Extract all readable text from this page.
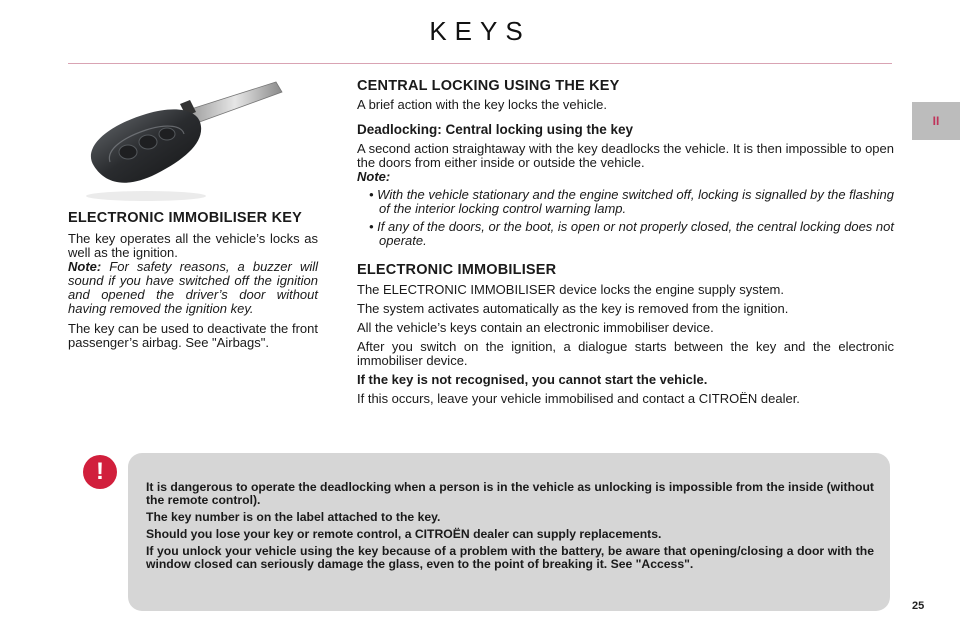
KEYS
II
ELECTRONIC IMMOBILISER KEY

The key operates all the vehicle’s locks as well as the ignition.

Note: For safety reasons, a buzzer will sound if you have switched off the ignition and opened the driver’s door without having removed the ignition key.

The key can be used to deactivate the front passenger’s airbag. See "Airbags".

CENTRAL LOCKING USING THE KEY

A brief action with the key locks the vehicle.

Deadlocking: Central locking using the key

A second action straightaway with the key deadlocks the vehicle. It is then impossible to open the doors from either inside or outside the vehicle.

Note:

• With the vehicle stationary and the engine switched off, locking is signalled by the flashing of the interior locking control warning lamp.

• If any of the doors, or the boot, is open or not properly closed, the central locking does not operate.

ELECTRONIC IMMOBILISER

The ELECTRONIC IMMOBILISER device locks the engine supply system.

The system activates automatically as the key is removed from the ignition.

All the vehicle’s keys contain an electronic immobiliser device.

After you switch on the ignition, a dialogue starts between the key and the electronic immobiliser device.

If the key is not recognised, you cannot start the vehicle.

If this occurs, leave your vehicle immobilised and contact a CITROËN dealer.

!

It is dangerous to operate the deadlocking when a person is in the vehicle as unlocking is impossible from the inside (without the remote control).

The key number is on the label attached to the key.

Should you lose your key or remote control, a CITROËN dealer can supply replacements.

If you unlock your vehicle using the key because of a problem with the battery, be aware that opening/closing a door with the window closed can seriously damage the glass, even to the point of breaking it. See "Access".

25
